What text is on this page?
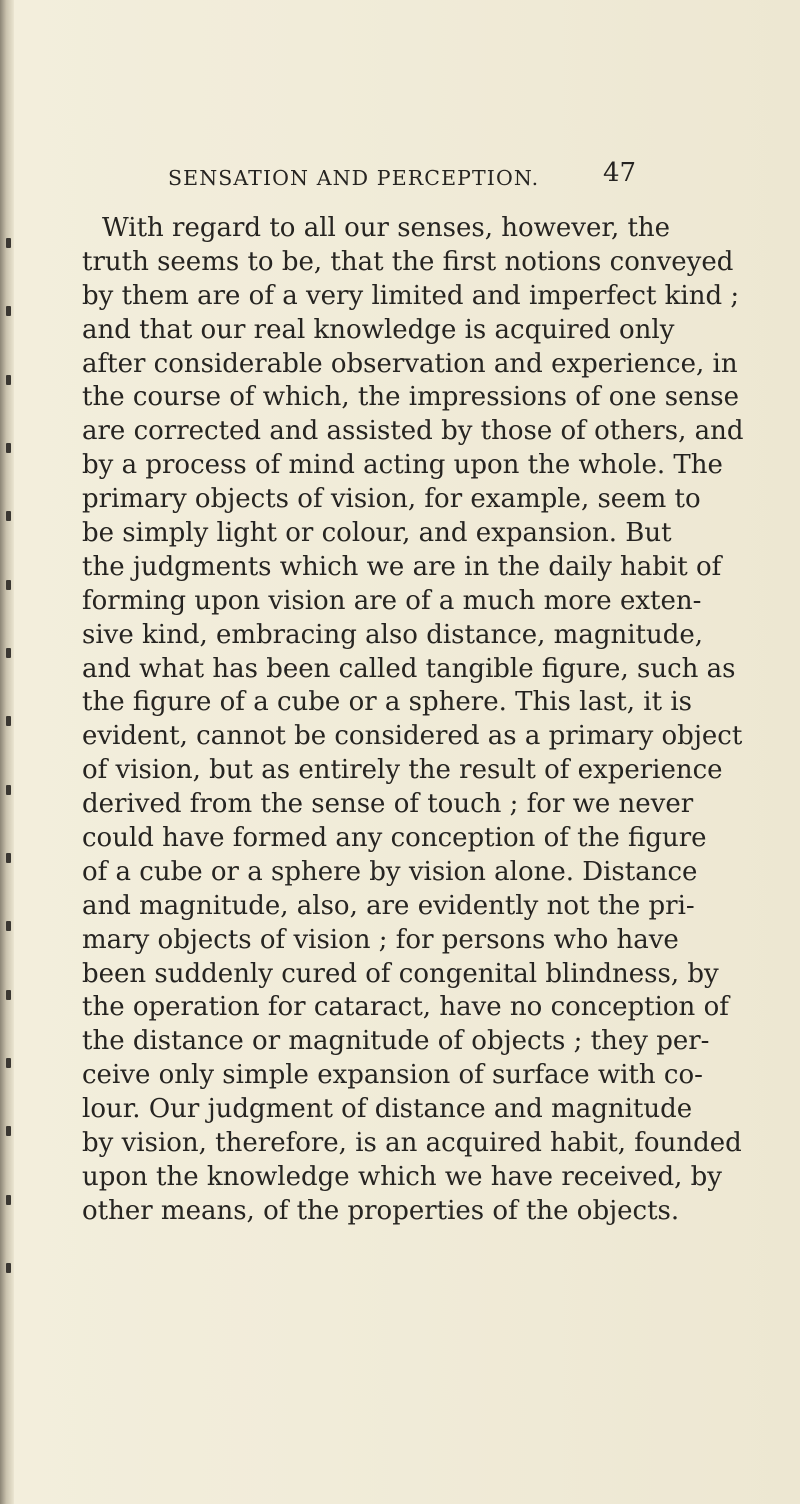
SENSATION AND PERCEPTION. 47
With regard to all our senses, however, the
truth seems to be, that the first notions conveyed
by them are of a very limited and imperfect kind ;
and that our real knowledge is acquired only
after considerable observation and experience, in
the course of which, the impressions of one sense
are corrected and assisted by those of others, and
by a process of mind acting upon the whole. The
primary objects of vision, for example, seem to
be simply light or colour, and expansion. But
the judgments which we are in the daily habit of
forming upon vision are of a much more exten-
sive kind, embracing also distance, magnitude,
and what has been called tangible figure, such as
the figure of a cube or a sphere. This last, it is
evident, cannot be considered as a primary object
of vision, but as entirely the result of experience
derived from the sense of touch ; for we never
could have formed any conception of the figure
of a cube or a sphere by vision alone. Distance
and magnitude, also, are evidently not the pri-
mary objects of vision ; for persons who have
been suddenly cured of congenital blindness, by
the operation for cataract, have no conception of
the distance or magnitude of objects ; they per-
ceive only simple expansion of surface with co-
lour. Our judgment of distance and magnitude
by vision, therefore, is an acquired habit, founded
upon the knowledge which we have received, by
other means, of the properties of the objects.
